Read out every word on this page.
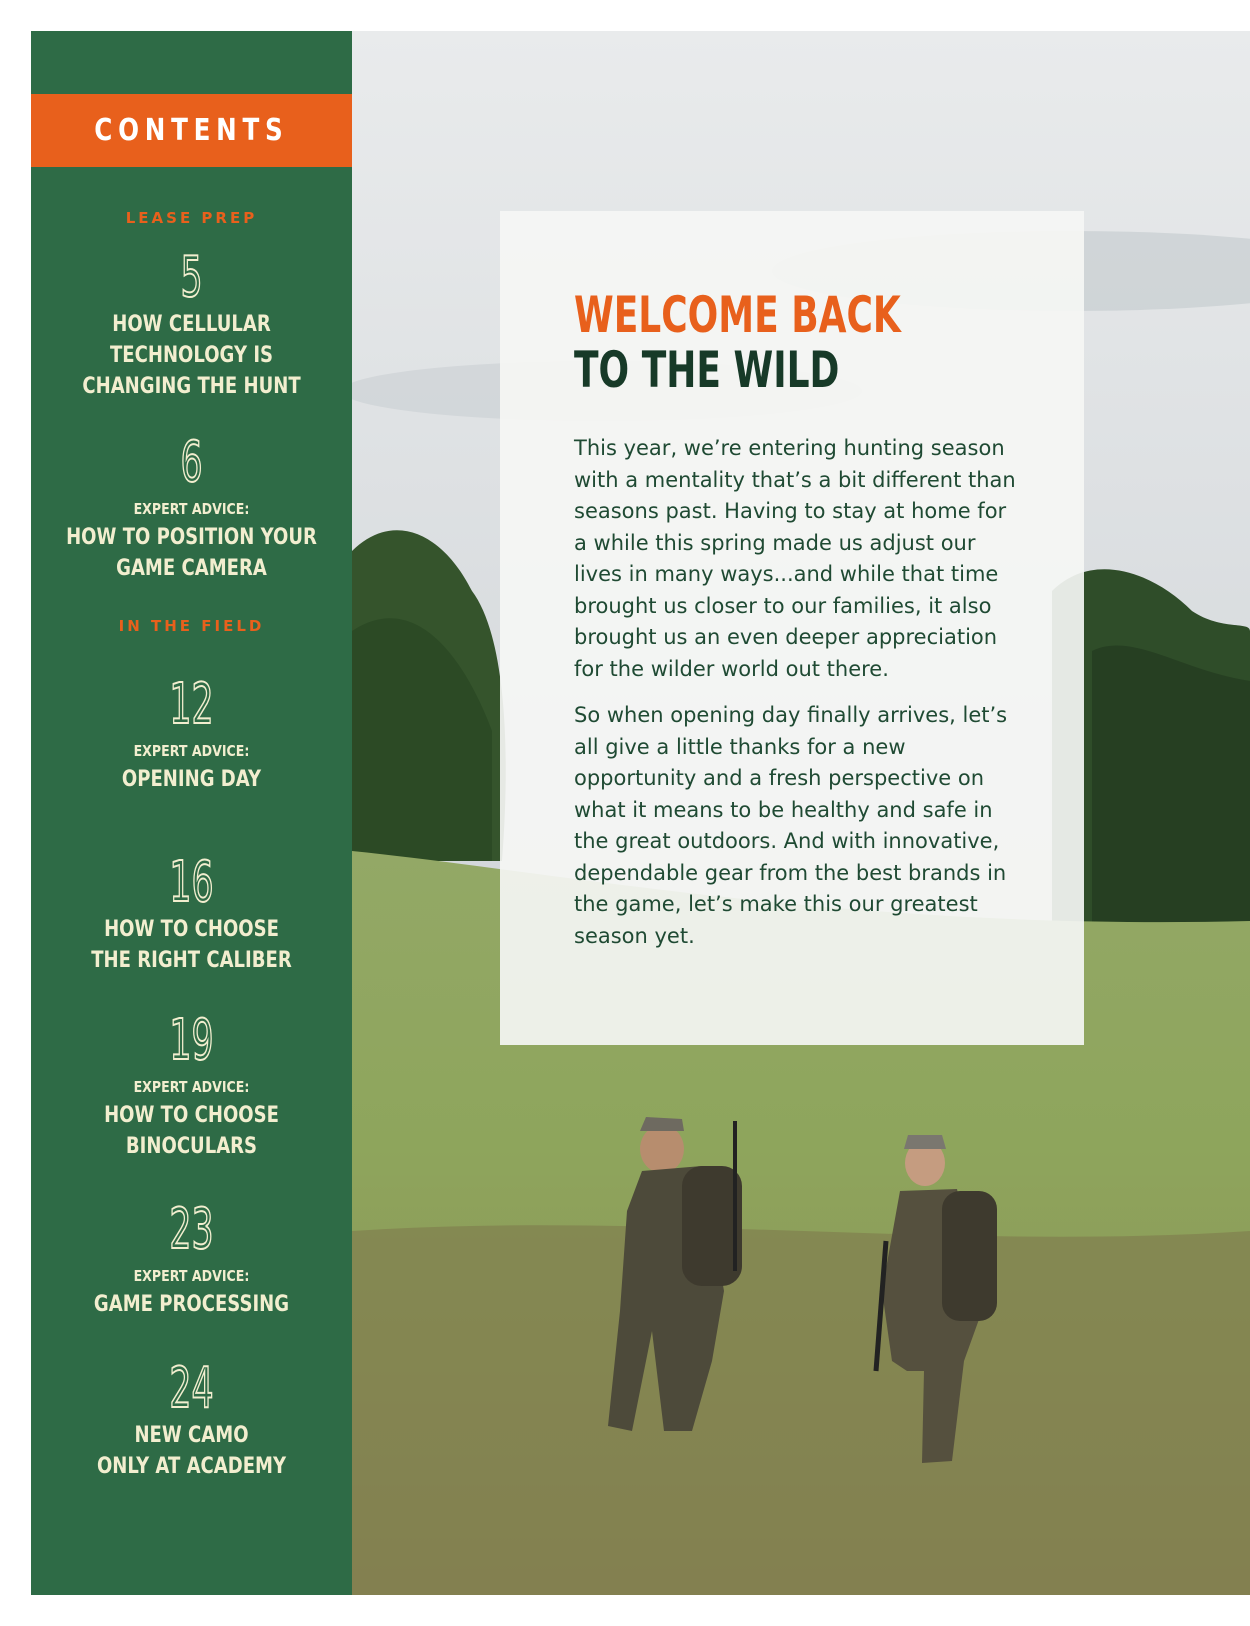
CONTENTS
LEASE PREP
5
HOW CELLULAR
TECHNOLOGY IS
CHANGING THE HUNT
6
EXPERT ADVICE:
HOW TO POSITION YOUR
GAME CAMERA
IN THE FIELD
12
EXPERT ADVICE:
OPENING DAY
16
HOW TO CHOOSE
THE RIGHT CALIBER
19
EXPERT ADVICE:
HOW TO CHOOSE
BINOCULARS
23
EXPERT ADVICE:
GAME PROCESSING
24
NEW CAMO
ONLY AT ACADEMY
WELCOME BACK
TO THE WILD

This year, we’re entering hunting season with a mentality that’s a bit different than seasons past. Having to stay at home for a while this spring made us adjust our lives in many ways...and while that time brought us closer to our families, it also brought us an even deeper appreciation for the wilder world out there.

So when opening day finally arrives, let’s all give a little thanks for a new opportunity and a fresh perspective on what it means to be healthy and safe in the great outdoors. And with innovative, dependable gear from the best brands in the game, let’s make this our greatest season yet.
